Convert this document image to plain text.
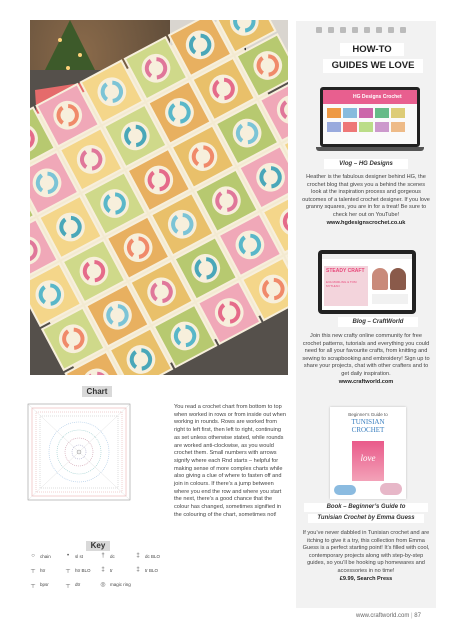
Chart
Key
○	chain	•	sl st	†	dc	‡	dc BLO
┬	htr	┬	htr BLO	‡	tr	‡	tr BLO
┬	bpsr	┬	dtr	◎ magic ring
You read a crochet chart from bottom to top when worked in rows or from inside out when working in rounds. Rows are worked from right to left first, then left to right, continuing as set unless otherwise stated, while rounds are worked anti-clockwise, as you would crochet them. Small numbers with arrows signify where each Rnd starts – helpful for making sense of more complex charts while also giving a clue of where to fasten off and join in colours. If there’s a jump between where you end the row and where you start the next, there’s a good chance that the colour has changed, sometimes signified in the colouring of the chart, sometimes not!
HOW-TO
GUIDES WE LOVE
HG Designs Crochet
Vlog – HG Designs
Heather is the fabulous designer behind HG, the crochet blog that gives you a behind the scenes look at the inspiration process and gorgeous outcomes of a talented crochet designer. If you love granny squares, you are in for a treat! Be sure to check her out on YouTube!
www.hgdesignscrochet.co.uk
STEADY CRAFT
EVA MURLING & TOM MYTHIAN
Blog – CraftWorld
Join this new crafty online community for free crochet patterns, tutorials and everything you could need for all your favourite crafts, from knitting and sewing to scrapbooking and embroidery! Sign up to share your projects, chat with other crafters and to get daily inspiration.
www.craftworld.com
Beginner’s Guide to
TUNISIAN CROCHET
love
Book – Beginner’s Guide to
Tunisian Crochet by Emma Guess
If you’ve never dabbled in Tunisian crochet and are itching to give it a try, this collection from Emma Guess is a perfect starting point! It’s filled with cool, contemporary projects along with step-by-step guides, so you’ll be hooking up homewares and accessories in no time!
£9.99, Search Press
www.craftworld.com | 87
